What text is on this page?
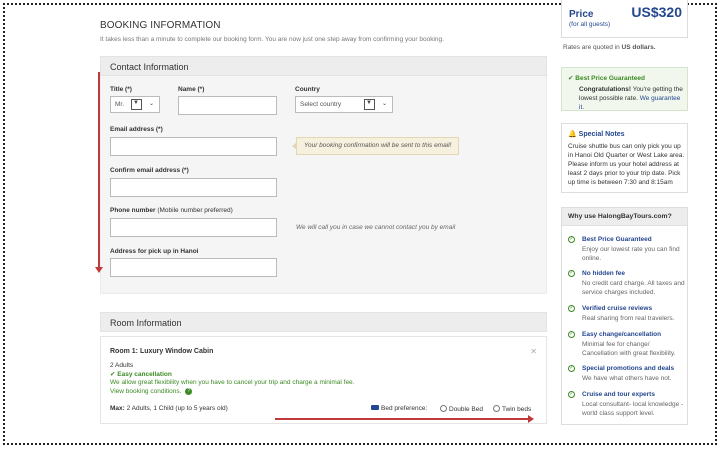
BOOKING INFORMATION
It takes less than a minute to complete our booking form. You are now just one step away from confirming your booking.
Contact Information
Title (*)
Mr. ▼ ⌄
Name (*)	Country
Select country	▼ ⌄
Email address (*)
Confirm email address (*)
Phone number (Mobile number preferred)
Address for pick up in Hanoi
Your booking confirmation will be sent to this email!
We will call you in case we cannot contact you by email
Room Information
Room 1: Luxury Window Cabin	✕
2 Adults
✔ Easy cancellation
We allow great flexibility when you have to cancel your trip and charge a minimal fee.
View booking conditions. ?
Max: 2 Adults, 1 Child (up to 5 years old)	Bed preference:	Double Bed	Twin beds
Price
(for all guests)
US$320
Rates are quoted in US dollars.
✔ Best Price Guaranteed
Congratulations! You're getting the lowest possible rate. We guarantee it.
🔔 Special Notes
Cruise shuttle bus can only pick you up in Hanoi Old Quarter or West Lake area. Please inform us your hotel address at least 2 days prior to your trip date. Pick up time is between 7:30 and 8:15am
Why use HalongBayTours.com?
✓ Best Price Guaranteed
Enjoy our lowest rate you can find online.
✓ No hidden fee
No credit card charge. All taxes and service charges included.
✓ Verified cruise reviews
Real sharing from real travelers.
✓ Easy change/cancellation
Minimal fee for change/ Cancellation with great flexibility.
✓ Special promotions and deals
We have what others have not.
✓ Cruise and tour experts
Local consultant- local knowledge - world class support level.
